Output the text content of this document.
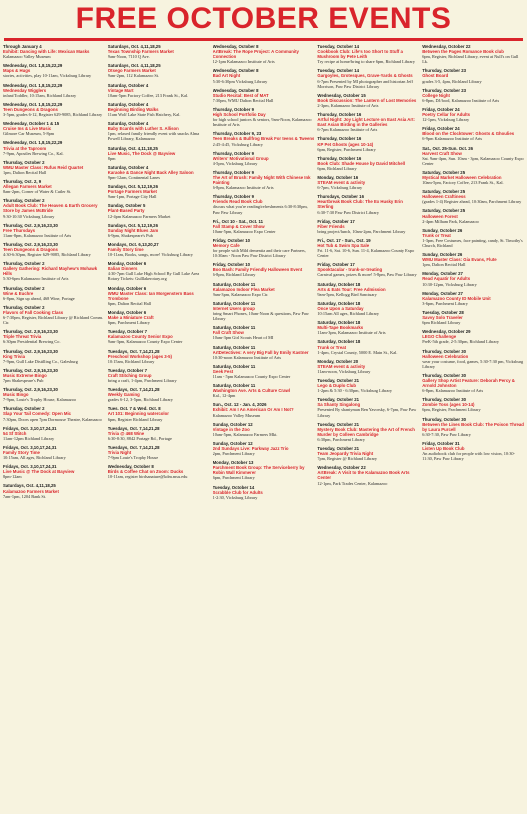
FREE OCTOBER EVENTS
Through January 4
Exhibit: Dancing with Life: Mexican Masks
Kalamazoo Valley Museum
Wednesday, Oct. 1,8,15,22,29
Maps & Hugs
stories, activities, play 10-11am, Vicksburg Library
Wednesday, Oct. 1,8,15,22,29
Wednesday Wigglers
infant/Toddler, 10:15am, Richland Library
Wednesday, Oct. 1,8,15,22,29
Teen Dungeons & Dragons
3-5pm, grades 6-12, Register 629-9085, Richland Library
Wednesday, October 1 & 15
Cruise Ins & Live Music
Gilmore Car Museum, 5-8pm
Wednesday, Oct. 1,8,15,22,29
Trivia at the Taproom
7-9pm, Apostles Brewing Co., Kal.
Thursday, October 2
WMU Master Class: Rufus Reid Quartet
1pm, Dalton Recital Hall
Thursday, Oct. 2, 9
Allegan Farmers Market
8am-2pm, Corner of Water & Cutler St.
Thursday, October 2
Adult Book Club: The Heaven & Earth Grocery Store by James McBride
9:30-10:30 Vicksburg Library
Thursday, Oct. 2,9,16,23,30
Free Thursdays
11am-8pm, Kalamazoo Institute of Arts
Thursday, Oct. 2,9,16,23,30
Teen Dungeons & Dragons
4:30-6:30pm, Register 629-9085, Richland Library
Thursday, October 2
Gallery Gathering: Richard Mayhew's Mohawk Hills
5:30-6pm Kalamazoo Institute of Arts
Thursday, October 2
Wine & Euchre
6-8pm, Sign up ahead, 468 Wine, Portage
Thursday, October 2
Flavors of Fall Cooking Class
6-7:30pm, Register, Richland Library @ Richland Comm. Ctr.
Thursday, Oct. 2,9,16,23,30
Triple Threat Trivia
6:30pm Presidential Brewing Co.
Thursday, Oct. 2,9,16,23,30
King Trivia
7-9pm, Gull Lake Distilling Co., Galesburg
Thursday, Oct. 2,9,16,23,30
Music Extreme Bingo
7pm Shakespeare's Pub
Thursday, Oct. 2,9,16,23,30
Music Bingo
7-9pm, Louie's Trophy House, Kalamazoo
Thursday, October 2
Slap Your Tail Comedy: Open Mic
7:30pm, Doors open 7pm Dormouse Theatre, Kalamazoo
Fridays, Oct. 3,10,17,24,31
54 Sf Stitch
11am-12pm Richland Library
Fridays, Oct. 3,10,17,24,31
Family Story Time
10:15am, All ages, Richland Library
Fridays, Oct. 3,10,17,24,31
Live Music @ The Dock at Bayview
8pm-12am
Saturdays, Oct. 4,11,18,25
Kalamazoo Farmers Market
7am-1pm, 1204 Bank St.
Saturdays, Oct. 4,11,18,25
Texas Township Farmers Market
9am-Noon, 7110 Q Ave.
Saturdays, Oct. 4,11,18,25
Otsego Farmers Market
9am-2pm, 112 Kalamazoo St.
Saturday, October 4
Vintage Mart
10am-5pm Factory Coffee, 213 Frank St., Kal.
Saturday, October 4
Beginning Birding Walks
11am Wolf Lake State Fish Hatchery, Kal.
Saturday, October 4
Baby Ecards with Luther S. Allison
1pm, relaxed family friendly event with snacks Alma Powell Library, Kalamazoo
Saturday, Oct. 4,11,18,25
Live Music, The Dock @ Bayview
8pm
Saturday, October 4
Karaoke & Dance Night Back Alley Saloon
9pm-12am, Continental Lanes
Sundays, Oct. 5,12,19,26
Portage Farmers Market
9am-1pm, Portage City Hall
Sunday, October 5
Plant-Based Party
12-4pm Kalamazoo Farmers Market
Sundays, Oct. 5,12,19,26
Sunday Night Blues Jam
6-9pm, Shakespeare's Pub
Mondays, Oct. 6,13,20,27
Family Story time
10-11am, Books, songs, more! Vicksburg Library
Monday, October 6
Italian Dinners
4:30-7pm Gull Lake High School By Gull Lake Area Rotary Tickets: Gulllakerotary.org
Monday, October 6
WMU Master Class: Ian Morgenstern Bass Trombone
6pm, Dalton Recital Hall
Monday, October 6
Make a Miniature Craft
6pm, Parchment Library
Tuesday, October 7
Kalamazoo County Senior Expo
9am-3pm, Kalamazoo County Expo Center
Tuesdays, Oct. 7,14,21,28
Preschool Workshop (ages 3-5)
10:15am, Richland Library
Tuesday, October 7
Craft Stitching Group
bring a craft, 1-4pm, Parchment Library
Tuesdays, Oct. 7,14,21,28
Weekly Gaming
grades 6-12, 3-5pm, Richland Library
Tues. Oct. 7 & Wed. Oct. 8
Art 101: Beginning watercolor
6pm, Register Richland Library
Tuesdays, Oct. 7,14,21,28
Trivia @ 468 Wine
6:30-8:30, 8842 Portage Rd., Portage
Tuesdays, Oct. 7,14,21,28
Trivia Night
7-9pm Louie's Trophy House
Wednesday, October 8
Birds & Coffee Chat on Zoom: Ducks
10-11am, register birdsanature@kdm.msu.edu
Wednesday, October 8
ArtBreak: The Rope Project: A Community Connection
12-1pm Kalamazoo Institute of Arts
Wednesday, October 8
Bad Art Night
5:30-6:30pm Vicksburg Library
Wednesday, October 8
Studio Recital: Best of MAT
7:30pm, WMU Dalton Recital Hall
Thursday, October 9
High School Portfolio Day
for high school juniors & seniors, 9am-Noon, Kalamazoo Institute of Arts
Thursday, October 9, 23
Teen Breaks & Bullfrog Break For teens & Tweens
2:45-4:45, Vicksburg Library
Thursday, October 9
Writers' Motivational Group
4-5pm, Vicksburg Library
Thursday, October 9
The Art of Brush: Family Night With Chinese Ink Painting
6-8pm, Kalamazoo Institute of Arts
Thursday, October 9
Friends Read Book Club
discuss what you're reading/refreshments 6:30-8:30pm, Paw Paw Library
Fri., Oct 10 - Sat., Oct. 11
Fall Stamp & Cover Show
10am-5pm, Kalamazoo Expo Center
Friday, October 10
Memory Cafe
for people with Mild dementia and their care Partners, 10:30am - Noon Paw Paw District Library
Friday, October 10
Boo Bash: Family Friendly Halloween Event
6-8pm, Richland Library
Saturday, October 11
Kalamazoo Indoor Flea Market
9am-3pm, Kalamazoo Expo Ctr.
Saturday, October 11
Internet Users group
bring Smart Phones, 10am-Noon & questions, Paw Paw Library
Saturday, October 11
Fall Craft Show
10am-3pm Girl Scouts Heart of MI
Saturday, October 11
ArtDetectives: A very Big Fall by Emily Kastner
10:30-noon Kalamazoo Institute of Arts
Saturday, October 11
Geek Fest
11am - 5pm Kalamazoo County Expo Center
Saturday, October 11
Washington Ave. Arts & Culture Crawl
Kal., 12-4pm
Sun., Oct. 12 - Jan. 4, 2026
Exhibit: Am I An American Or Am I Not?
Kalamazoo Valley Museum
Sunday, October 12
Vintage in the Zoo
10am-5pm, Kalamazoo Farmers Mkt.
Sunday, October 12
2nd Sundays Live: Parkway Jazz Trio
2pm, Parchment Library
Monday, October 13
Parchment Book Group: The Serviceberry by Robin Wall Kimmerer
6pm, Parchment Library
Tuesday, October 14
Scrabble Club for Adults
1-2:30, Vicksburg Library
Tuesday, October 14
Cookbook Club: Life's too Short to Stuff a Mushroom by Pete Leith
Try recipe at home/bring to share 6pm, Richland Library
Tuesday, October 14
Gargoyles, Grotesques, Grave-Yards & Ghosts
6-7pm Presented by MI photographer and historian Jeff Morrison, Paw Paw District Library
Wednesday, October 15
Book Discussion: The Lantern of Lost Memories
2-3pm, Kalamazoo Institute of Arts
Thursday, October 16
Artful Night: Joy Light Lecture on East Asia Art: East Asian Birding in the Galleries
6-7pm Kalamazoo Institute of Arts
Thursday, October 16
KP Pet Ghosts (ages 10-14)
6pm, Register, Parchment Library
Thursday, October 16
Book Club: Shade House by David Mitchell
6pm, Richland Library
Monday, October 16
STEAM event & activity
6-7pm, Vicksburg Library
Thursdays, October 16
Heartbreak Book Club: The Ex Husky Erin Sterling
6:30-7:30 Paw Paw District Library
Friday, October 17
Fiber Friends
bring project/lunch, 10am-2pm, Parchment Library
Fri., Oct. 17 - Sun., Oct. 19
Hot Tub & Swim Spa Sale
Fri. 11-6, Sat. 10-6, Sun. 11-4, Kalamazoo County Expo Center
Friday, October 17
Spooktacular - trunk-or-treating
Carnival games, prizes & more! 5-8pm, Paw Paw Library
Saturday, October 18
Arts & Eats Tour: Free Admission
9am-5pm, Kellogg Bird Sanctuary
Saturday, October 18
Once Upon a Saturday
10:15am All ages, Richland Library
Saturday, October 18
Multi-Tape Bookmarks
11am-3pm, Kalamazoo Institute of Arts
Saturday, October 18
Trunk or Treat
1-4pm, Crystal County, 5000 E. Main St., Kal.
Monday, October 20
STEAM event & activity
11am-noon, Vicksburg Library
Tuesday, October 21
Lego & Duplo Club
1-2pm & 5:30 - 6:30pm, Vicksburg Library
Tuesday, October 21
Sa Shanty Singalong
Presented By shantyman Ben Yavorsky, 6-7pm, Paw Paw Library
Tuesday, October 21
Mystery Book Club: Mastering the Art of French Murder by Colleen Cambridge
6:30pm, Parchment Library
Tuesday, October 21
Team Jeopardy Trivia Night
7pm, Register @ Richland Library
Wednesday, October 22
ArtBreak: A Visit to the Kalamazoo Book Arts Center
12-1pm, Park Trades Center, Kalamazoo
Wednesday, October 22
Between the Pages Romance Book club
6pm, Register, Richland Library, event at Null's on Gull Lk.
Thursday, October 23
Ghost Board
grades 3-5, 4pm, Richland Library
Thursday, October 23
College Night
6-8pm, DJ/food, Kalamazoo Institute of Arts
Friday, October 24
Poetry Cellar for Adults
12-1pm, Vicksburg Library
Friday, October 24
Blood on the Clocktower: Ghosts & Ghoulies
6-9pm Kalamazoo Institute of Arts
Sat., Oct. 25-Sun. Oct. 26
Harvest Craft Show
Sat. 9am-4pm, Sun. 10am - 3pm, Kalamazoo County Expo Center
Saturday, October 25
Mystical Market Halloween Celebration
10am-5pm, Factory Coffee, 213 Frank St., Kal.
Saturday, October 25
Halloween Craftiness
(grades 1-4) Register ahead, 10:30am, Parchment Library
Saturday, October 25
Halloween Forest
2-4pm Milham Park, Kalamazoo
Sunday, October 26
Trunk or Treat
1-3pm, Free Costumes, face painting, candy, St. Timothy's Church, Richland
Sunday, October 26
WMU Master Class: Gia Evans, Flute
1pm, Dalton Recital Hall
Monday, October 27
Read Aquatir for Adults
10:30-12pm, Vicksburg Library
Monday, October 27
Kalamazoo County ID Mobile Unit
3-6pm, Parchment Library
Tuesday, October 28
Savvy Solo Traveler
6pm Richland Library
Wednesday, October 29
LEGO Challenge
PreK-5th grade, 2-5:30pm, Richland Library
Thursday, October 30
Halloween Celebration
wear your costume, food, games, 5:30-7:30 pm, Vicksburg Library
Thursday, October 30
Gallery Shop Artist Feature: Deborah Percy & Arnold Johnston
6-8pm, Kalamazoo Institute of Arts
Thursday, October 30
Zombie Toss (ages 10-14)
6pm, Register, Parchment Library
Thursday, October 30
Between the Lines Book Club: The Poison Thread by Laura Purcell
6:30-7:30, Paw Paw Library
Friday, October 31
Listen Up Book Club
An audiobook club for people with low vision, 10:30-11:30, Paw Paw Library
